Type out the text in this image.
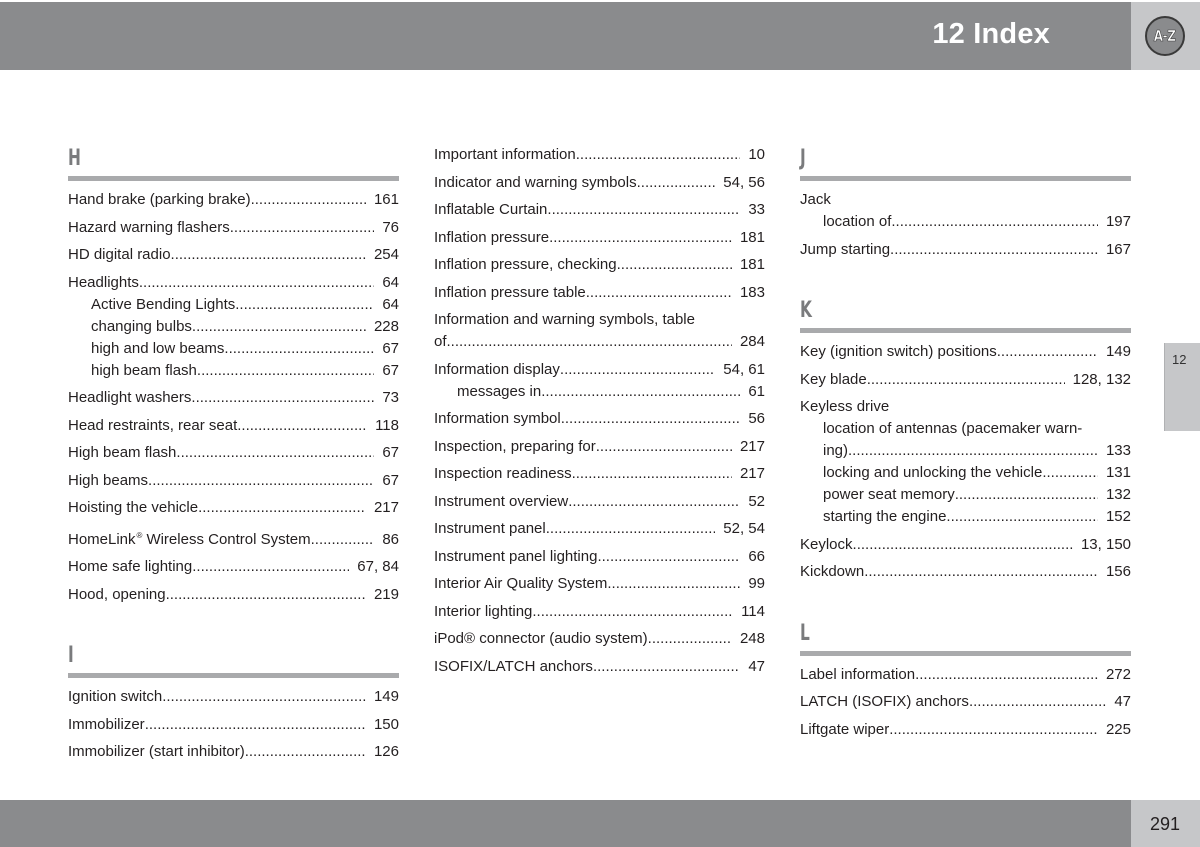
12 Index	A-Z
H
Hand brake (parking brake) .....	161
Hazard warning flashers .....	76
HD digital radio .....	254
Headlights .....	64
Active Bending Lights .....	64
changing bulbs .....	228
high and low beams .....	67
high beam flash .....	67
Headlight washers .....	73
Head restraints, rear seat .....	118
High beam flash .....	67
High beams .....	67
Hoisting the vehicle .....	217
HomeLink® Wireless Control System .....	86
Home safe lighting .....	67, 84
Hood, opening .....	219
I
Ignition switch .....	149
Immobilizer .....	150
Immobilizer (start inhibitor) .....	126
Important information .....	10
Indicator and warning symbols .....	54, 56
Inflatable Curtain .....	33
Inflation pressure .....	181
Inflation pressure, checking .....	181
Inflation pressure table .....	183
Information and warning symbols, table
of .....	284
Information display .....	54, 61
messages in .....	61
Information symbol .....	56
Inspection, preparing for .....	217
Inspection readiness .....	217
Instrument overview .....	52
Instrument panel .....	52, 54
Instrument panel lighting .....	66
Interior Air Quality System .....	99
Interior lighting .....	114
iPod® connector (audio system) .....	248
ISOFIX/LATCH anchors .....	47
J
Jack
location of .....	197
Jump starting .....	167
K
Key (ignition switch) positions .....	149
Key blade .....	128, 132
Keyless drive
location of antennas (pacemaker warn-
ing) .....	133
locking and unlocking the vehicle .....	131
power seat memory .....	132
starting the engine .....	152
Keylock .....	13, 150
Kickdown .....	156
L
Label information .....	272
LATCH (ISOFIX) anchors .....	47
Liftgate wiper .....	225
12
291
